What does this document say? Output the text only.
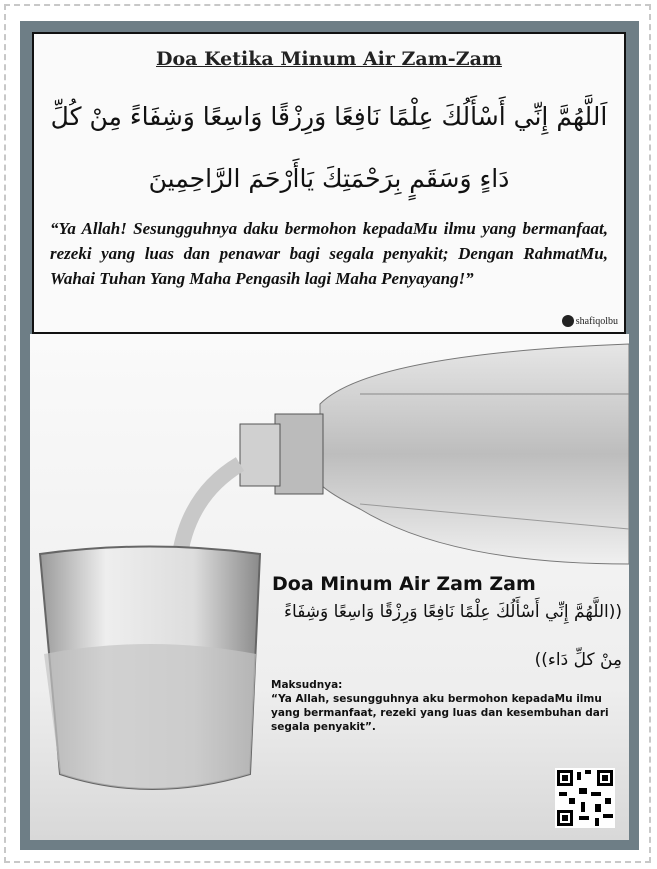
Doa Ketika Minum Air Zam-Zam
اَللَّهُمَّ إِنِّي أَسْأَلُكَ عِلْمًا نَافِعًا وَرِزْقًا وَاسِعًا وَشِفَاءً مِنْ كُلِّ
دَاءٍ وَسَقَمٍ بِرَحْمَتِكَ يَاأَرْحَمَ الرَّاحِمِينَ
“Ya Allah! Sesungguhnya daku bermohon kepadaMu ilmu yang bermanfaat, rezeki yang luas dan penawar bagi segala penyakit; Dengan RahmatMu, Wahai Tuhan Yang Maha Pengasih lagi Maha Penyayang!”
shafiqolbu
Doa Minum Air Zam Zam
((اللَّهُمَّ إِنِّي أَسْأَلُكَ عِلْمًا نَافِعًا وَرِزْقًا وَاسِعًا وَشِفَاءً
مِنْ كلِّ دَاء))
Maksudnya:
“Ya Allah, sesungguhnya aku bermohon kepadaMu ilmu yang bermanfaat, rezeki yang luas dan kesembuhan dari segala penyakit”.
